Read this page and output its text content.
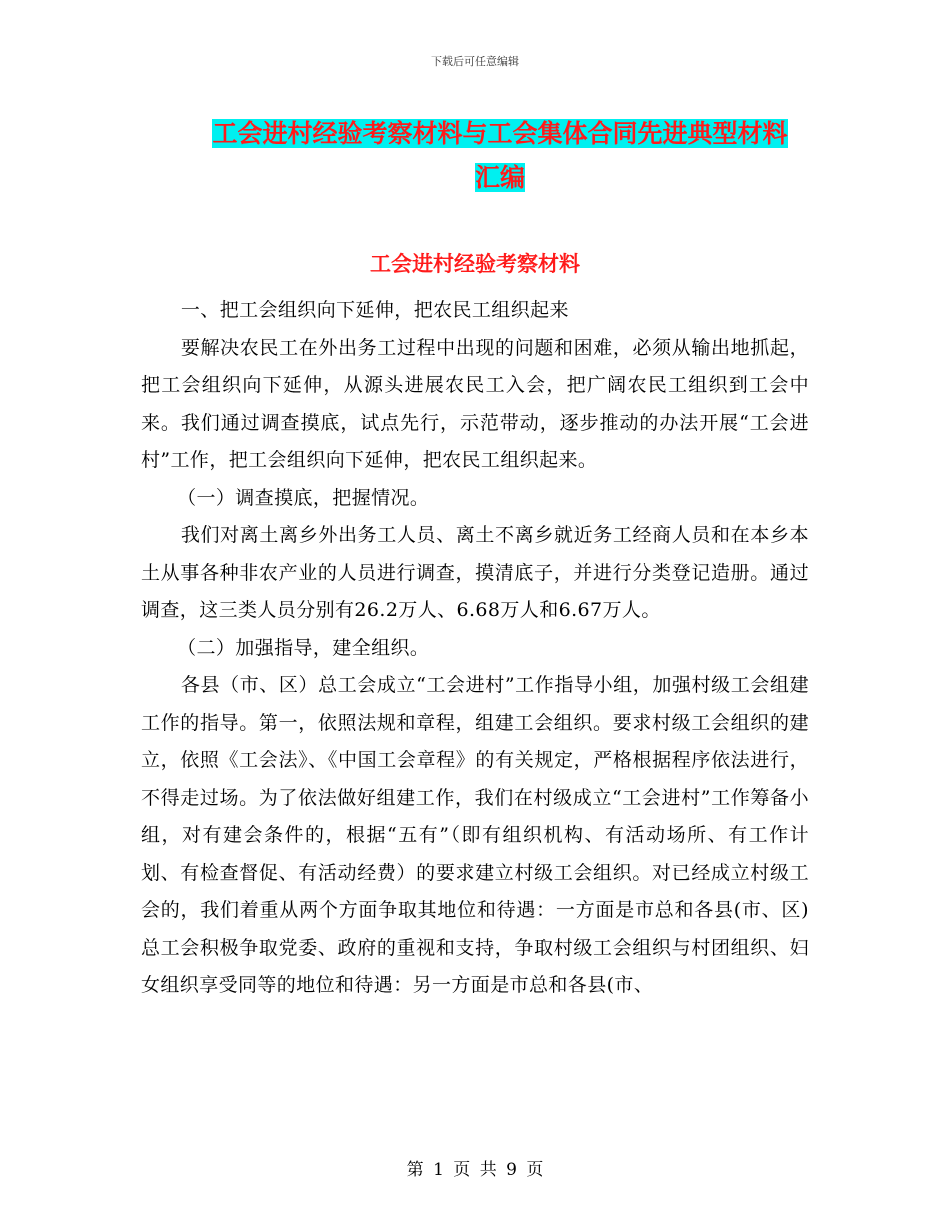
下载后可任意编辑
工会进村经验考察材料与工会集体合同先进典型材料
汇编
工会进村经验考察材料

一、把工会组织向下延伸，把农民工组织起来

要解决农民工在外出务工过程中出现的问题和困难，必须从输出地抓起，把工会组织向下延伸，从源头进展农民工入会，把广阔农民工组织到工会中来。我们通过调查摸底，试点先行，示范带动，逐步推动的办法开展“工会进村”工作，把工会组织向下延伸，把农民工组织起来。

（一）调查摸底，把握情况。

我们对离土离乡外出务工人员、离土不离乡就近务工经商人员和在本乡本土从事各种非农产业的人员进行调查，摸清底子，并进行分类登记造册。通过调查，这三类人员分别有26.2万人、6.68万人和6.67万人。

（二）加强指导，建全组织。

各县（市、区）总工会成立“工会进村”工作指导小组，加强村级工会组建工作的指导。第一，依照法规和章程，组建工会组织。要求村级工会组织的建立，依照《工会法》、《中国工会章程》的有关规定，严格根据程序依法进行，不得走过场。为了依法做好组建工作，我们在村级成立“工会进村”工作筹备小组，对有建会条件的，根据“五有”（即有组织机构、有活动场所、有工作计划、有检查督促、有活动经费）的要求建立村级工会组织。对已经成立村级工会的，我们着重从两个方面争取其地位和待遇：一方面是市总和各县(市、区)总工会积极争取党委、政府的重视和支持，争取村级工会组织与村团组织、妇女组织享受同等的地位和待遇：另一方面是市总和各县(市、

第 1 页 共 9 页
